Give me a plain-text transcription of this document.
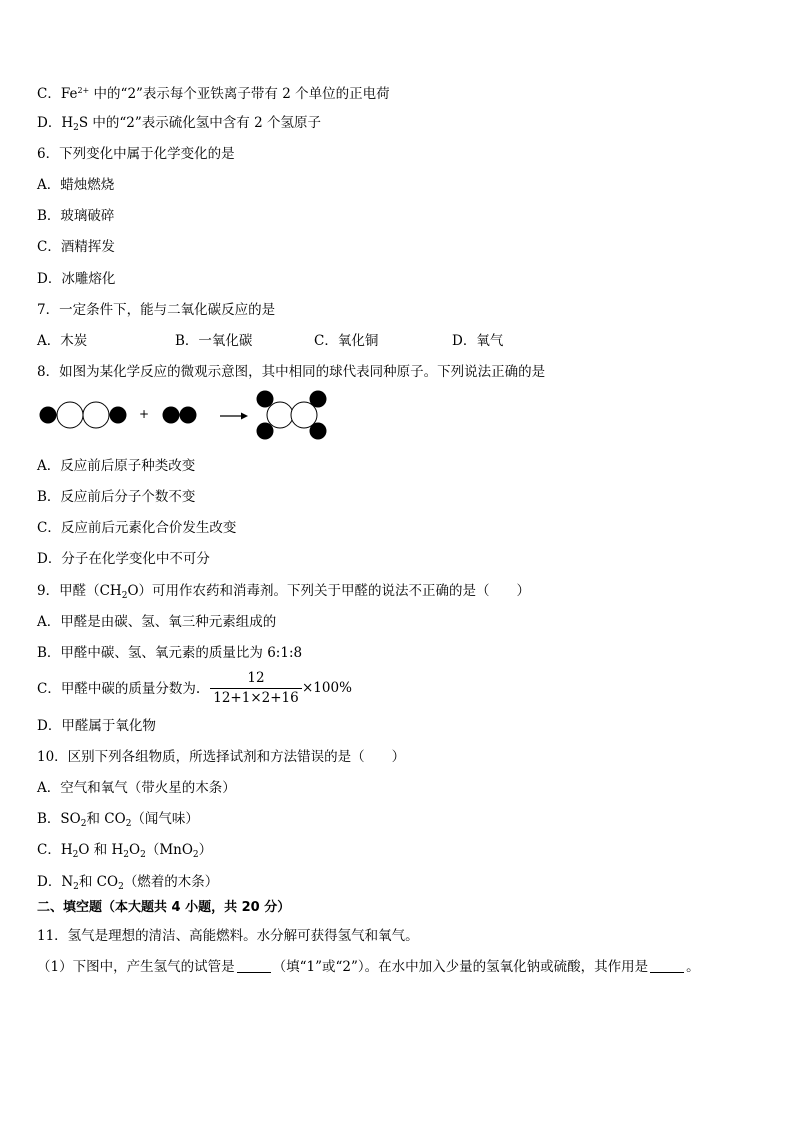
C．$Fe^{2+}$ 中的“2”表示每个亚铁离子带有 2 个单位的正电荷
D．$H_2S$ 中的“2”表示硫化氢中含有 2 个氢原子
6．下列变化中属于化学变化的是
A．蜡烛燃烧
B．玻璃破碎
C．酒精挥发
D．冰雕熔化
7．一定条件下，能与二氧化碳反应的是
A．木炭	B．一氧化碳	C．氧化铜	D．氧气
8．如图为某化学反应的微观示意图，其中相同的球代表同种原子。下列说法正确的是
+
A．反应前后原子种类改变
B．反应前后分子个数不变
C．反应前后元素化合价发生改变
D．分子在化学变化中不可分
9．甲醛$(CH_2O)$可用作农药和消毒剂。下列关于甲醛的说法不正确的是（　　）
A．甲醛是由碳、氢、氧三种元素组成的
B．甲醛中碳、氢、氧元素的质量比为 6:1:8
C．甲醛中碳的质量分数为.
12
12+1×2+16
×100%
D．甲醛属于氧化物
10．区别下列各组物质，所选择试剂和方法错误的是（　　）
A．空气和氧气（带火星的木条）
B．$SO_2$和 $CO_2$（闻气味）
C．$H_2O$ 和 $H_2O_2(MnO_2)$
D．$N_2$和 $CO_2$（燃着的木条）
二、填空题（本大题共 4 小题，共 20 分）
11．氢气是理想的清洁、高能燃料。水分解可获得氢气和氧气。
（1）下图中，产生氢气的试管是	（填“1”或“2”）。在水中加入少量的氢氧化钠或硫酸，其作用是	。
